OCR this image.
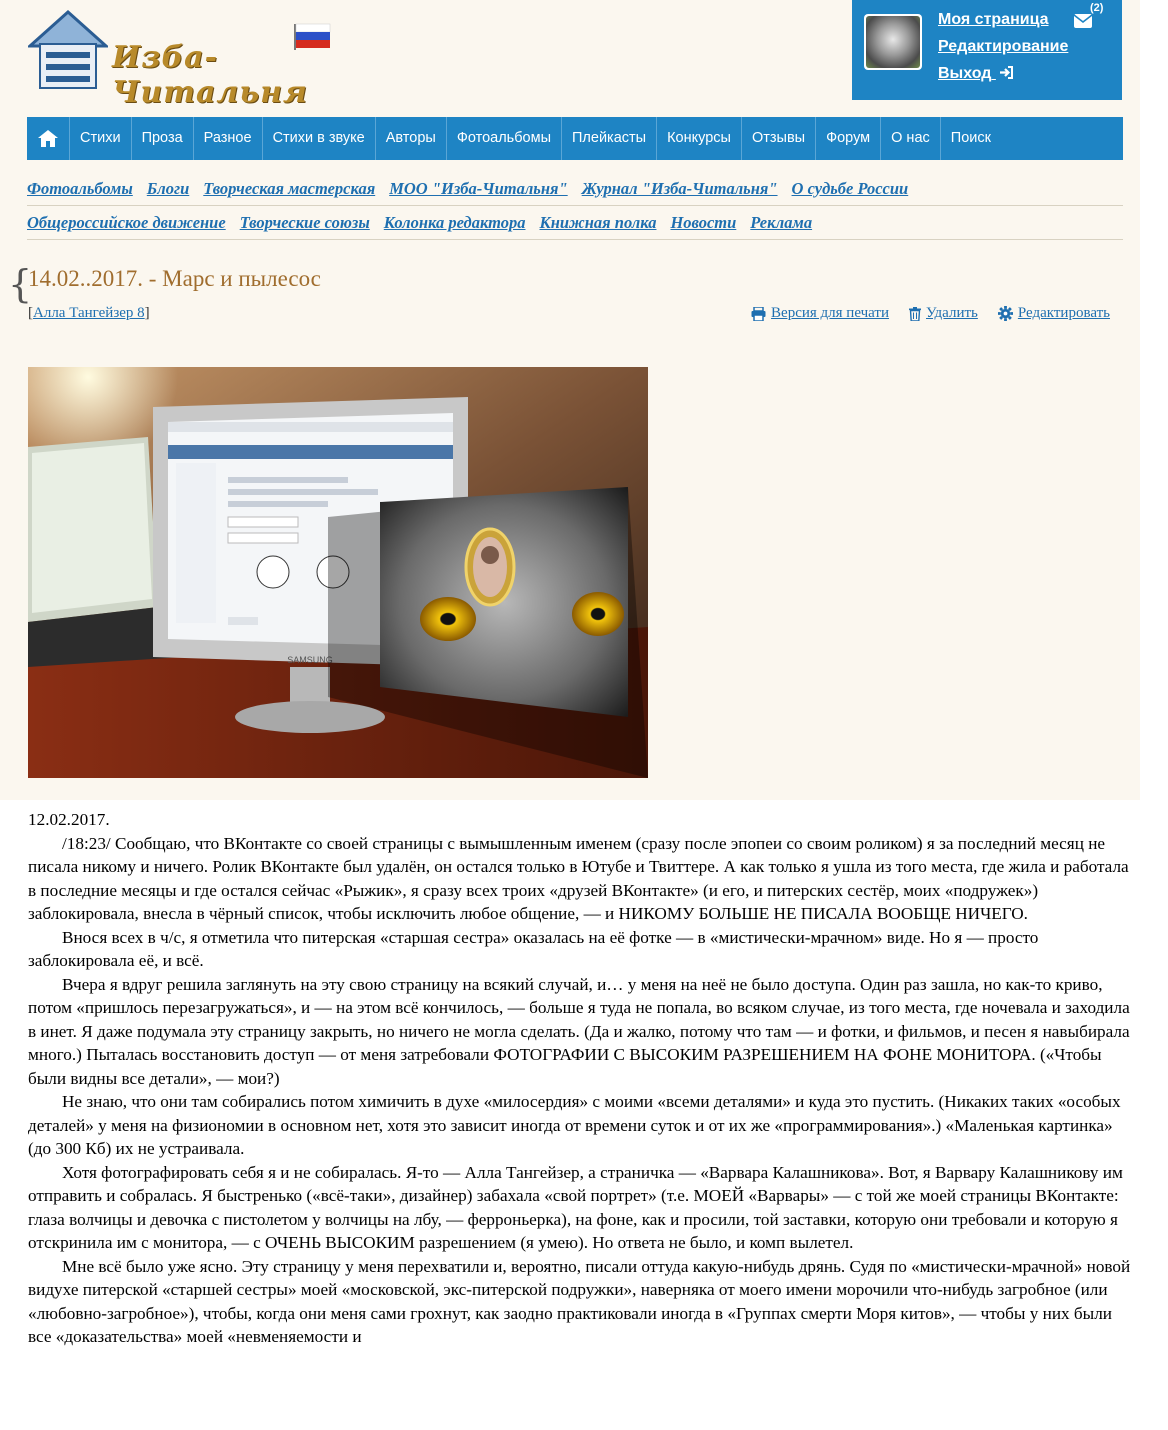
Изба-Читальня
Моя страница
Редактирование
Выход
(2)
Стихи	Проза	Разное	Стихи в звуке	Авторы	Фотоальбомы	Плейкасты	Конкурсы	Отзывы	Форум	О нас	Поиск
Фотоальбомы Блоги Творческая мастерская МОО "Изба-Читальня" Журнал "Изба-Читальня" О судьбе России
Общероссийское движение Творческие союзы Колонка редактора Книжная полка Новости Реклама
{
14.02..2017. - Марс и пылесос
[Алла Тангейзер 8]	Версия для печати Удалить	Редактировать
SAMSUNG

12.02.2017.

/18:23/ Сообщаю, что ВКонтакте со своей страницы с вымышленным именем (сразу после эпопеи со своим роликом) я за последний месяц не писала никому и ничего. Ролик ВКонтакте был удалён, он остался только в Ютубе и Твиттере. А как только я ушла из того места, где жила и работала в последние месяцы и где остался сейчас «Рыжик», я сразу всех троих «друзей ВКонтакте» (и его, и питерских сестёр, моих «подружек») заблокировала, внесла в чёрный список, чтобы исключить любое общение, — и НИКОМУ БОЛЬШЕ НЕ ПИСАЛА ВООБЩЕ НИЧЕГО.

Внося всех в ч/с, я отметила что питерская «старшая сестра» оказалась на её фотке — в «мистически-мрачном» виде. Но я — просто заблокировала её, и всё.

Вчера я вдруг решила заглянуть на эту свою страницу на всякий случай, и… у меня на неё не было доступа. Один раз зашла, но как-то криво, потом «пришлось перезагружаться», и — на этом всё кончилось, — больше я туда не попала, во всяком случае, из того места, где ночевала и заходила в инет. Я даже подумала эту страницу закрыть, но ничего не могла сделать. (Да и жалко, потому что там — и фотки, и фильмов, и песен я навыбирала много.) Пыталась восстановить доступ — от меня затребовали ФОТОГРАФИИ С ВЫСОКИМ РАЗРЕШЕНИЕМ НА ФОНЕ МОНИТОРА. («Чтобы были видны все детали», — мои?)

Не знаю, что они там собирались потом химичить в духе «милосердия» с моими «всеми деталями» и куда это пустить. (Никаких таких «особых деталей» у меня на физиономии в основном нет, хотя это зависит иногда от времени суток и от их же «программирования».) «Маленькая картинка» (до 300 Кб) их не устраивала.

Хотя фотографировать себя я и не собиралась. Я-то — Алла Тангейзер, а страничка — «Варвара Калашникова». Вот, я Варвару Калашникову им отправить и собралась. Я быстренько («всё-таки», дизайнер) забахала «свой портрет» (т.е. МОЕЙ «Варвары» — с той же моей страницы ВКонтакте: глаза волчицы и девочка с пистолетом у волчицы на лбу, — ферроньерка), на фоне, как и просили, той заставки, которую они требовали и которую я отскринила им с монитора, — с ОЧЕНЬ ВЫСОКИМ разрешением (я умею). Но ответа не было, и комп вылетел.

Мне всё было уже ясно. Эту страницу у меня перехватили и, вероятно, писали оттуда какую-нибудь дрянь. Судя по «мистически-мрачной» новой видухе питерской «старшей сестры» моей «московской, экс-питерской подружки», наверняка от моего имени морочили что-нибудь загробное (или «любовно-загробное»), чтобы, когда они меня сами грохнут, как заодно практиковали иногда в «Группах смерти Моря китов», — чтобы у них были все «доказательства» моей «невменяемости и
